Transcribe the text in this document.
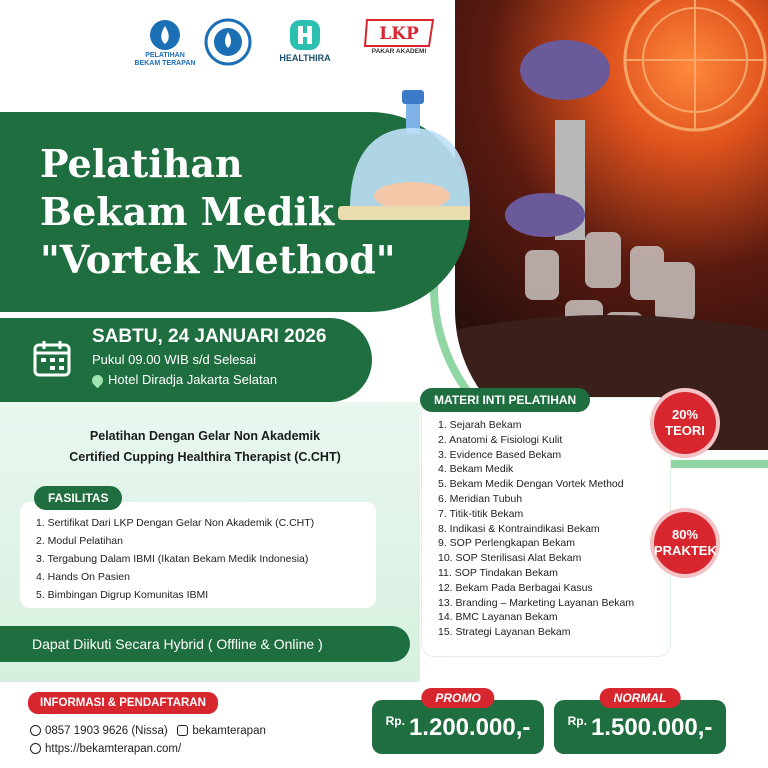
PELATIHAN
BEKAM TERAPAN
HEALTHIRA
LKP
PAKAR AKADEMI
Pelatihan
Bekam Medik
"Vortek Method"
SABTU, 24 JANUARI 2026
Pukul 09.00 WIB s/d Selesai
Hotel Diradja Jakarta Selatan
Pelatihan Dengan Gelar Non Akademik
Certified Cupping Healthira Therapist (C.CHT)
FASILITAS
1. Sertifikat Dari LKP Dengan Gelar Non Akademik (C.CHT)
2. Modul Pelatihan
3. Tergabung Dalam IBMI (Ikatan Bekam Medik Indonesia)
4. Hands On Pasien
5. Bimbingan Digrup Komunitas IBMI
Dapat Diikuti Secara Hybrid ( Offline & Online )
MATERI INTI PELATIHAN
1. Sejarah Bekam
2. Anatomi & Fisiologi Kulit
3. Evidence Based Bekam
4. Bekam Medik
5. Bekam Medik Dengan Vortek Method
6. Meridian Tubuh
7. Titik-titik Bekam
8. Indikasi & Kontraindikasi Bekam
9. SOP Perlengkapan Bekam
10. SOP Sterilisasi Alat Bekam
11. SOP Tindakan Bekam
12. Bekam Pada Berbagai Kasus
13. Branding – Marketing Layanan Bekam
14. BMC Layanan Bekam
15. Strategi Layanan Bekam
20%
TEORI
80%
PRAKTEK
INFORMASI & PENDAFTARAN
0857 1903 9626 (Nissa) bekamterapan
https://bekamterapan.com/
PROMO
$^{Rp.}$ 1.200.000,-
NORMAL
$^{Rp.}$ 1.500.000,-
